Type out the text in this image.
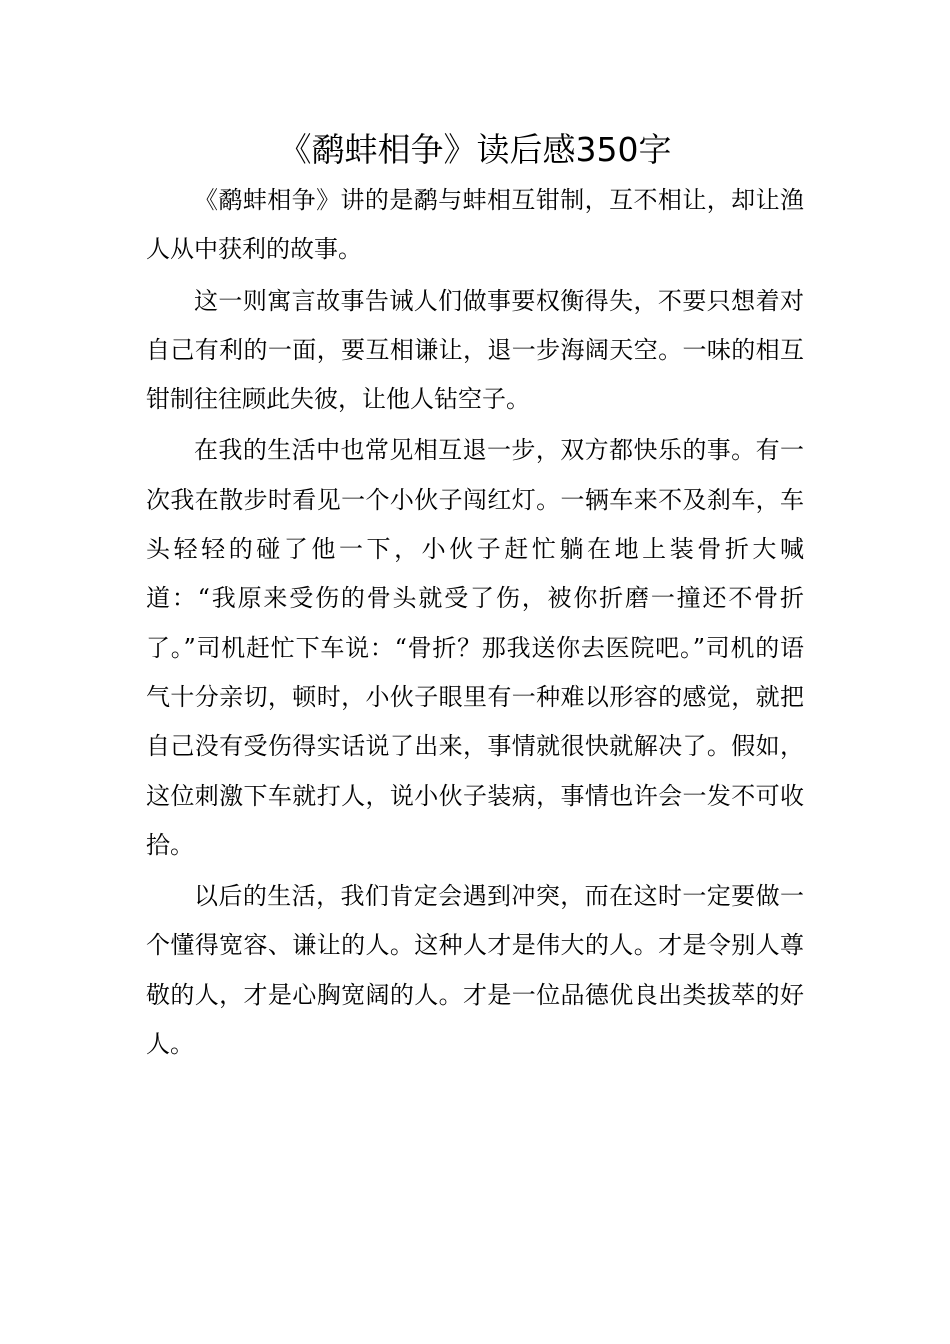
《鹬蚌相争》读后感350字

《鹬蚌相争》讲的是鹬与蚌相互钳制，互不相让，却让渔人从中获利的故事。

这一则寓言故事告诫人们做事要权衡得失，不要只想着对自己有利的一面，要互相谦让，退一步海阔天空。一味的相互钳制往往顾此失彼，让他人钻空子。

在我的生活中也常见相互退一步，双方都快乐的事。有一次我在散步时看见一个小伙子闯红灯。一辆车来不及刹车，车头轻轻的碰了他一下，小伙子赶忙躺在地上装骨折大喊道：“我原来受伤的骨头就受了伤，被你折磨一撞还不骨折了。”司机赶忙下车说：“骨折？那我送你去医院吧。”司机的语气十分亲切，顿时，小伙子眼里有一种难以形容的感觉，就把自己没有受伤得实话说了出来，事情就很快就解决了。假如，这位刺激下车就打人，说小伙子装病，事情也许会一发不可收拾。

以后的生活，我们肯定会遇到冲突，而在这时一定要做一个懂得宽容、谦让的人。这种人才是伟大的人。才是令别人尊敬的人，才是心胸宽阔的人。才是一位品德优良出类拔萃的好人。
